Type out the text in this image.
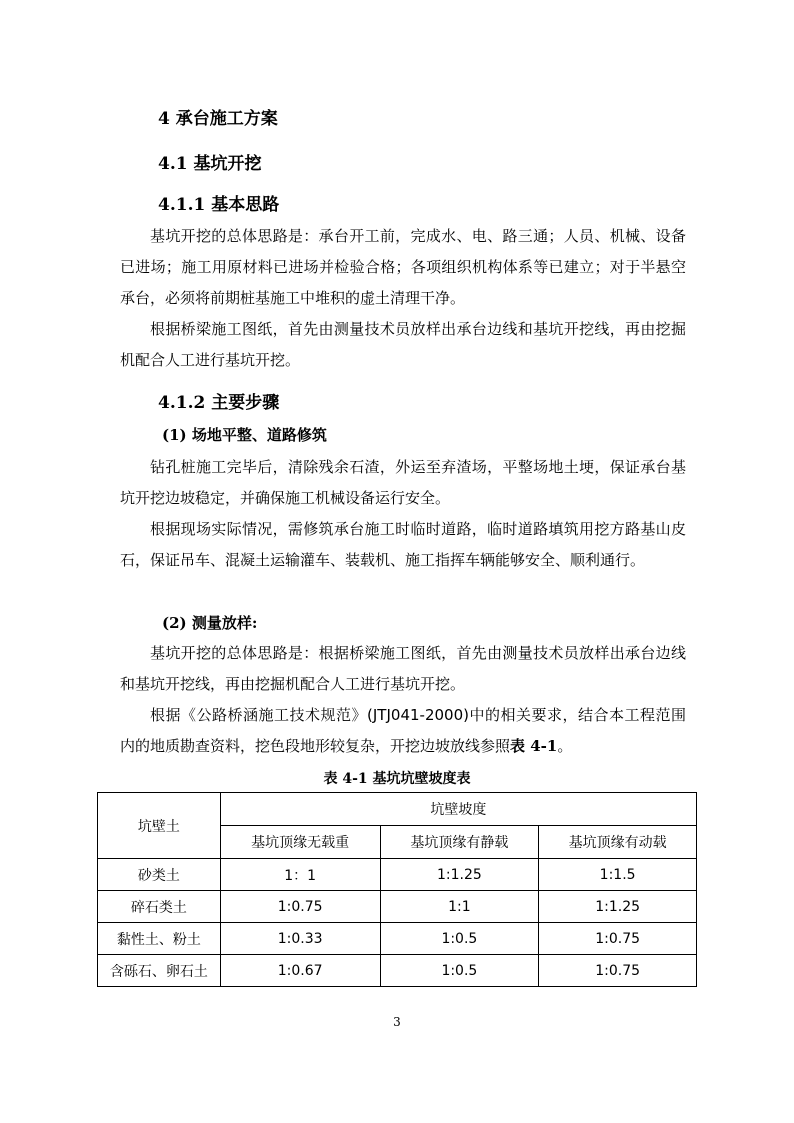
4 承台施工方案
4.1 基坑开挖
4.1.1 基本思路

基坑开挖的总体思路是：承台开工前，完成水、电、路三通；人员、机械、设备已进场；施工用原材料已进场并检验合格；各项组织机构体系等已建立；对于半悬空承台，必须将前期桩基施工中堆积的虚土清理干净。

根据桥梁施工图纸，首先由测量技术员放样出承台边线和基坑开挖线，再由挖掘机配合人工进行基坑开挖。

4.1.2 主要步骤
(1) 场地平整、道路修筑

钻孔桩施工完毕后，清除残余石渣，外运至弃渣场，平整场地土埂，保证承台基坑开挖边坡稳定，并确保施工机械设备运行安全。

根据现场实际情况，需修筑承台施工时临时道路，临时道路填筑用挖方路基山皮石，保证吊车、混凝土运输灌车、装载机、施工指挥车辆能够安全、顺利通行。

(2) 测量放样:

基坑开挖的总体思路是：根据桥梁施工图纸，首先由测量技术员放样出承台边线和基坑开挖线，再由挖掘机配合人工进行基坑开挖。

根据《公路桥涵施工技术规范》(JTJ041-2000)中的相关要求，结合本工程范围内的地质勘查资料，挖色段地形较复杂，开挖边坡放线参照表 4-1。

表 4-1 基坑坑壁坡度表
坑壁土	坑壁坡度		
	基坑顶缘无载重	基坑顶缘有静载	基坑顶缘有动载
砂类土	1：1	1:1.25	1:1.5
碎石类土	1:0.75	1:1	1:1.25
黏性土、粉土	1:0.33	1:0.5	1:0.75
含砾石、卵石土	1:0.67	1:0.5	1:0.75
3
